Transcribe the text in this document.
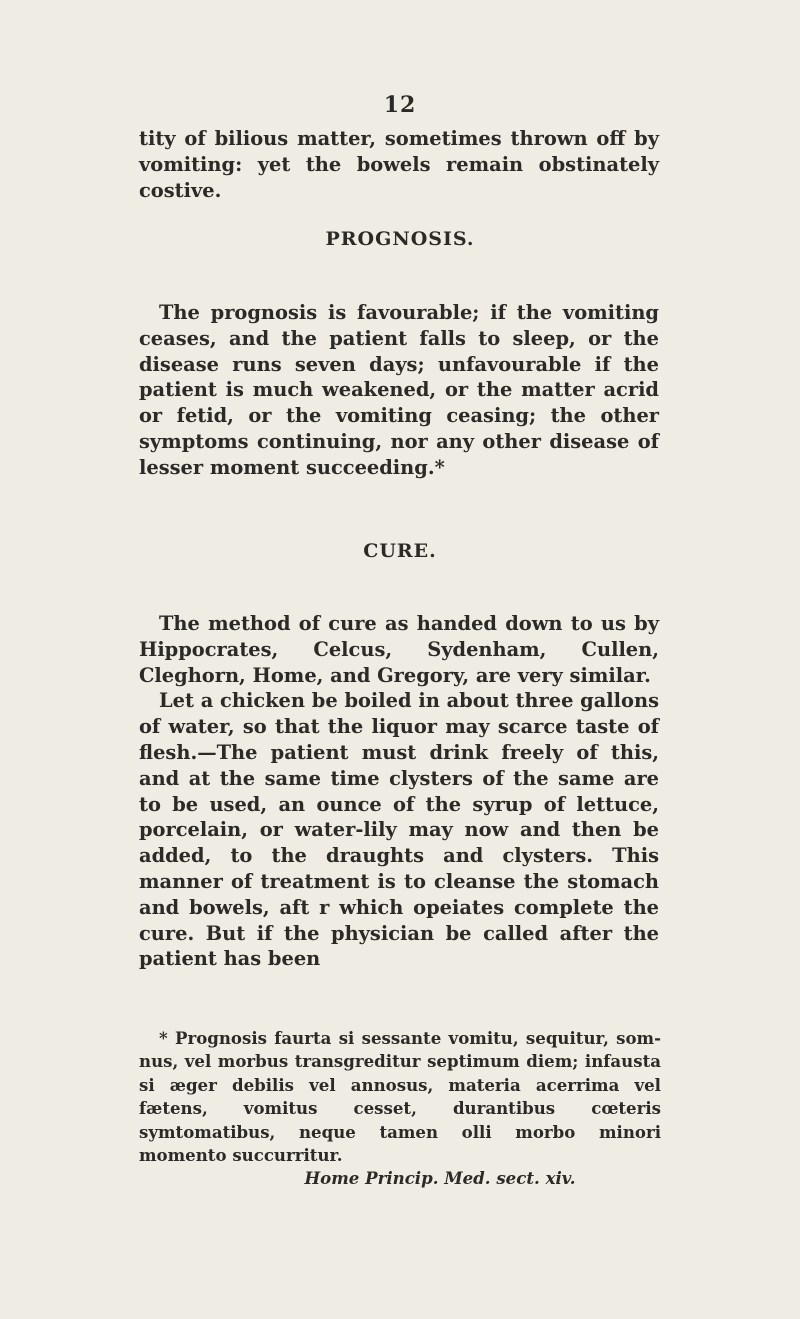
12

tity of bilious matter, sometimes thrown off by vomiting: yet the bowels remain obstinately costive.

PROGNOSIS.

The prognosis is favourable; if the vomiting ceases, and the patient falls to sleep, or the disease runs seven days; unfavourable if the patient is much weakened, or the matter acrid or fetid, or the vomiting ceasing; the other symptoms continuing, nor any other disease of lesser moment succeeding.*

CURE.

The method of cure as handed down to us by Hippocrates, Celcus, Sydenham, Cullen, Cleghorn, Home, and Gregory, are very similar.

Let a chicken be boiled in about three gallons of water, so that the liquor may scarce taste of flesh.—The patient must drink freely of this, and at the same time clysters of the same are to be used, an ounce of the syrup of lettuce, porcelain, or water-lily may now and then be added, to the draughts and clysters. This manner of treatment is to cleanse the stomach and bowels, aft r which opeiates complete the cure. But if the physician be called after the patient has been

* Prognosis faurta si sessante vomitu, sequitur, somnus, vel morbus transgreditur septimum diem; infausta si æger debilis vel annosus, materia acerrima vel fætens, vomitus cesset, durantibus cœteris symtomatibus, neque tamen olli morbo minori momento succurritur.

Home Princip. Med. sect. xiv.
